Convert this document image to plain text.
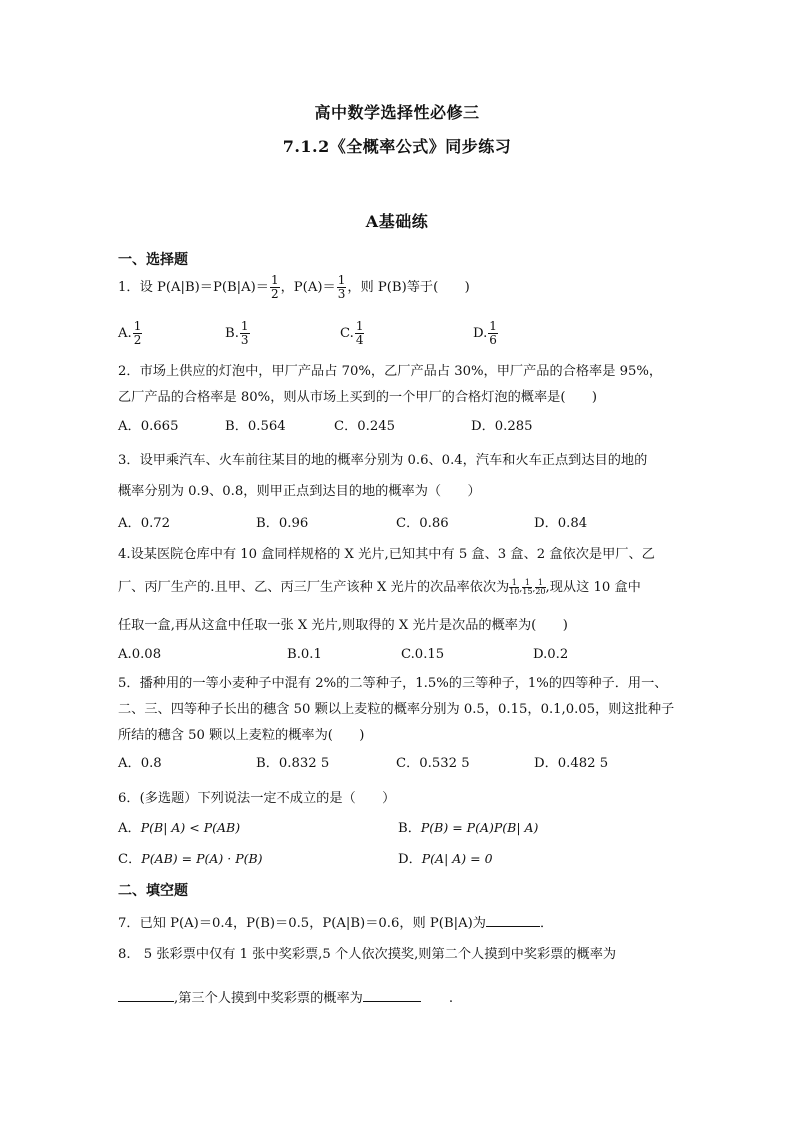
高中数学选择性必修三
7.1.2《全概率公式》同步练习
A基础练
一、选择题
1．设 $P(A|B)=P(B|A)= \frac{1}{2}$ ，$P(A)= \frac{1}{3}$ ，则 P(B)等于(　　)
A. $\frac{1}{2}$	B. $\frac{1}{3}$	C. $\frac{1}{4}$	D. $\frac{1}{6}$
2．市场上供应的灯泡中，甲厂产品占 70%，乙厂产品占 30%，甲厂产品的合格率是 95%，
乙厂产品的合格率是 80%，则从市场上买到的一个甲厂的合格灯泡的概率是(　　)
A．0.665	B．0.564	C．0.245	D．0.285
3．设甲乘汽车、火车前往某目的地的概率分别为 0.6、0.4，汽车和火车正点到达目的地的
概率分别为 0.9、0.8，则甲正点到达目的地的概率为（　　）
A．0.72	B．0.96	C．0.86	D．0.84
4.设某医院仓库中有 10 盒同样规格的 X 光片,已知其中有 5 盒、3 盒、2 盒依次是甲厂、乙
厂、丙厂生产的.且甲、乙、丙三厂生产该种 X 光片的次品率依次为 $\frac{1}{10}$ , $\frac{1}{15}$ , $\frac{1}{20}$ ,现从这 10 盒中
任取一盒,再从这盒中任取一张 X 光片,则取得的 X 光片是次品的概率为(　　)
A.0.08	B.0.1	C.0.15	D.0.2
5．播种用的一等小麦种子中混有 2%的二等种子，1.5%的三等种子，1%的四等种子．用一、
二、三、四等种子长出的穗含 50 颗以上麦粒的概率分别为 0.5，0.15，0.1,0.05，则这批种子
所结的穗含 50 颗以上麦粒的概率为(　　)
A．0.8	B．0.832 5	C．0.532 5	D．0.482 5
6．(多选题）下列说法一定不成立的是（　　）
A．P(B| A) < P(AB)	B．P(B) = P(A)P(B| A)
C．P(AB) = P(A) · P(B)	D．P(A| A) = 0
二、填空题
7．已知 P(A)＝0.4，P(B)＝0.5，P(A|B)＝0.6，则 P(B|A)为	．
8.　5 张彩票中仅有 1 张中奖彩票,5 个人依次摸奖,则第二个人摸到中奖彩票的概率为
,第三个人摸到中奖彩票的概率为	.
